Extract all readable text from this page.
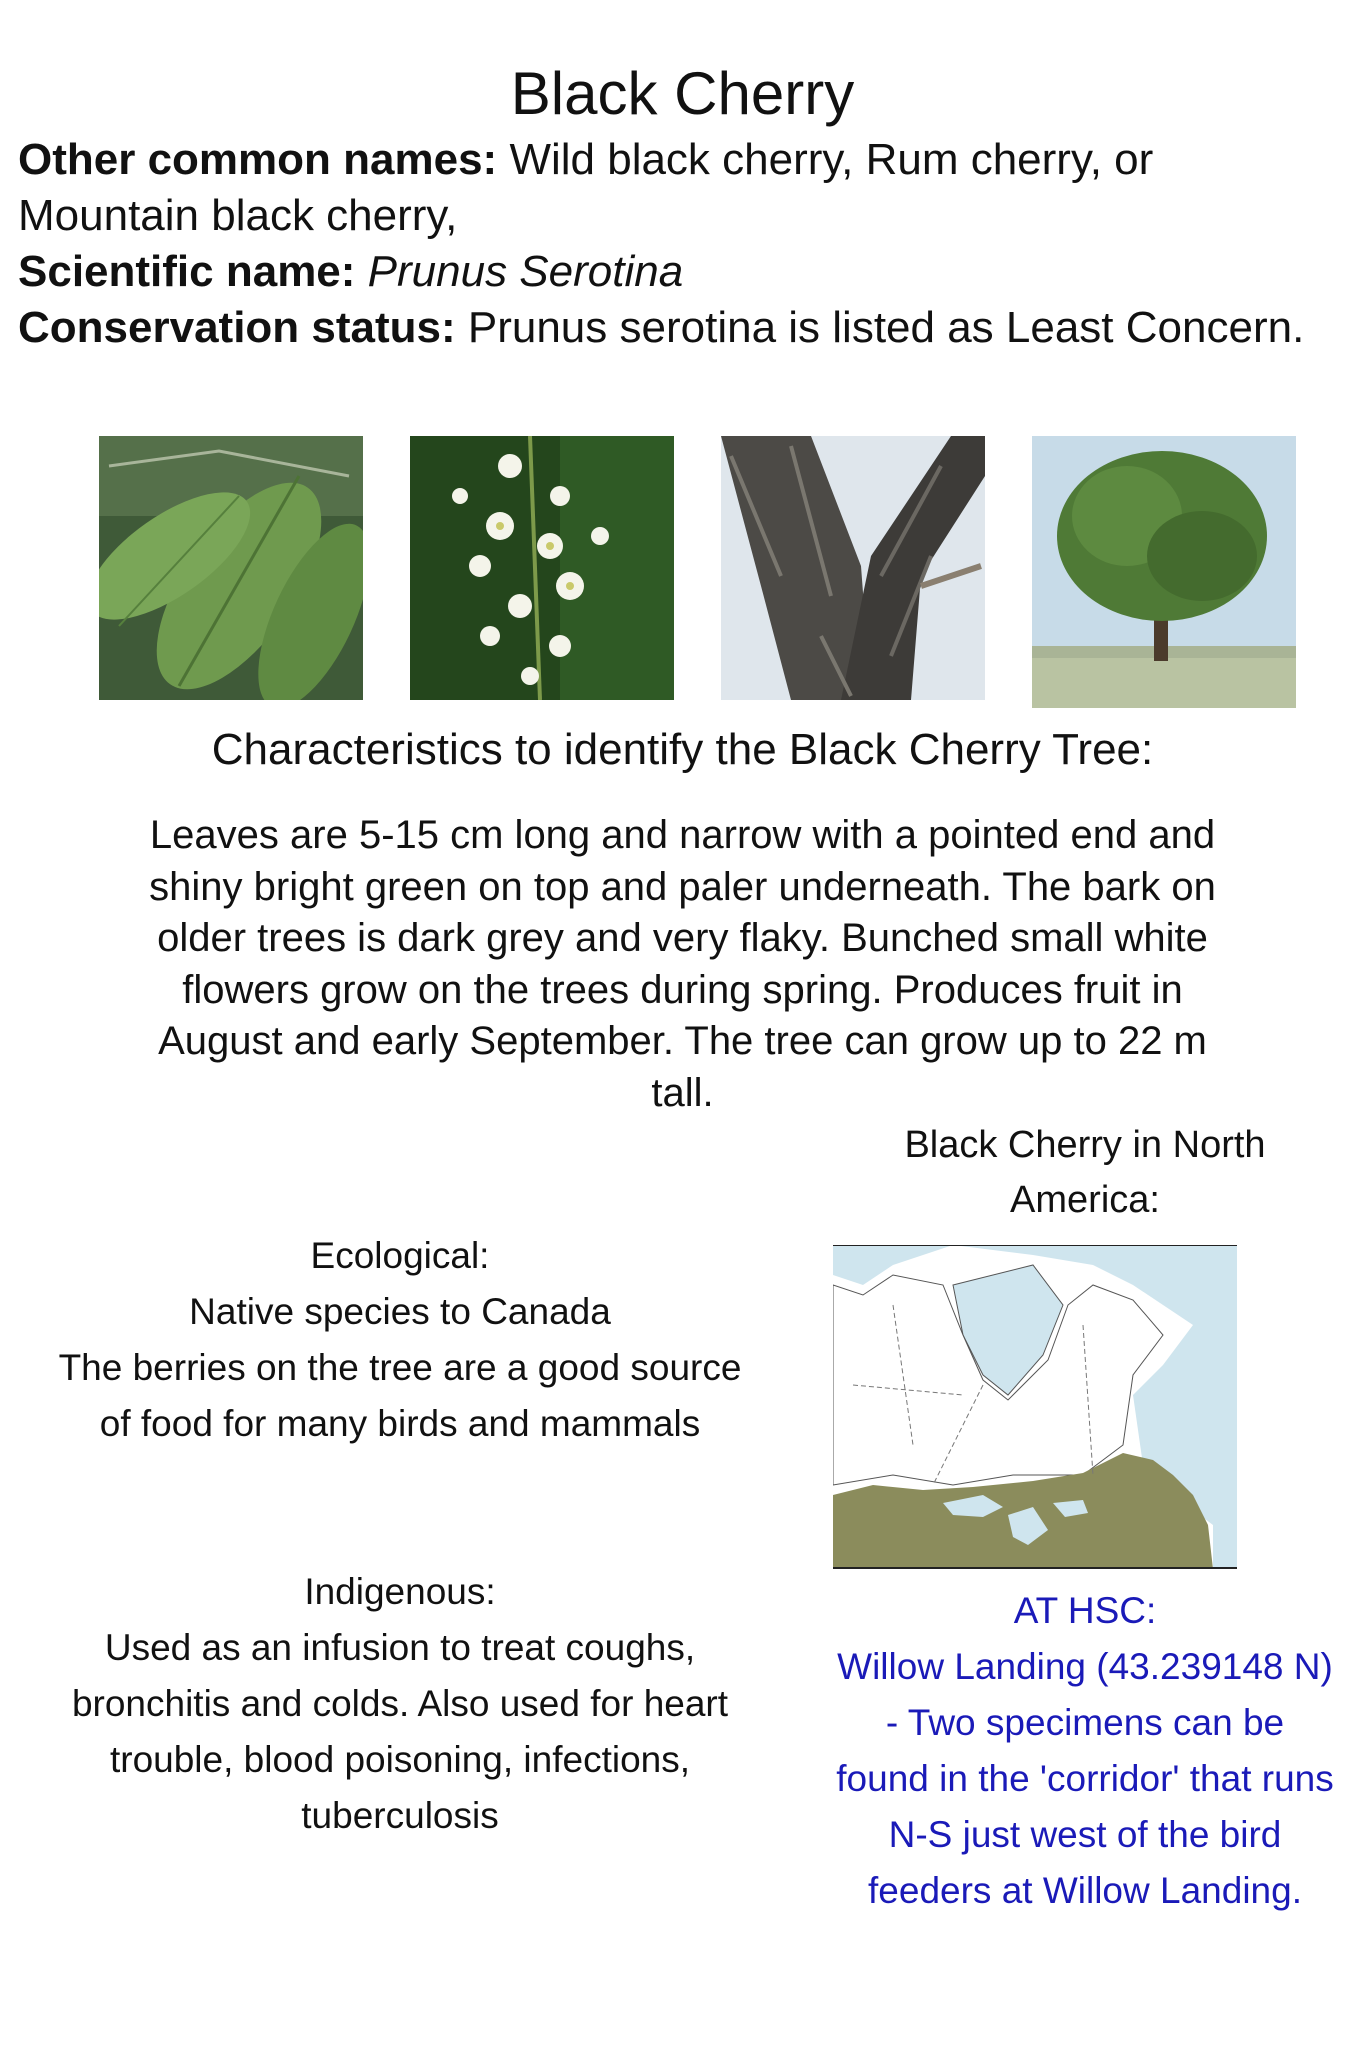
Black Cherry
Other common names: Wild black cherry, Rum cherry, or Mountain black cherry,
Scientific name: Prunus Serotina
Conservation status: Prunus serotina is listed as Least Concern.
Characteristics to identify the Black Cherry Tree:

Leaves are 5-15 cm long and narrow with a pointed end and shiny bright green on top and paler underneath. The bark on older trees is dark grey and very flaky. Bunched small white flowers grow on the trees during spring. Produces fruit in August and early September. The tree can grow up to 22 m tall.

Black Cherry in North America:
Ecological:
Native species to Canada
The berries on the tree are a good source of food for many birds and mammals
Indigenous:
Used as an infusion to treat coughs, bronchitis and colds. Also used for heart trouble, blood poisoning, infections, tuberculosis
AT HSC:
Willow Landing (43.239148 N) - Two specimens can be found in the 'corridor' that runs N-S just west of the bird feeders at Willow Landing.
